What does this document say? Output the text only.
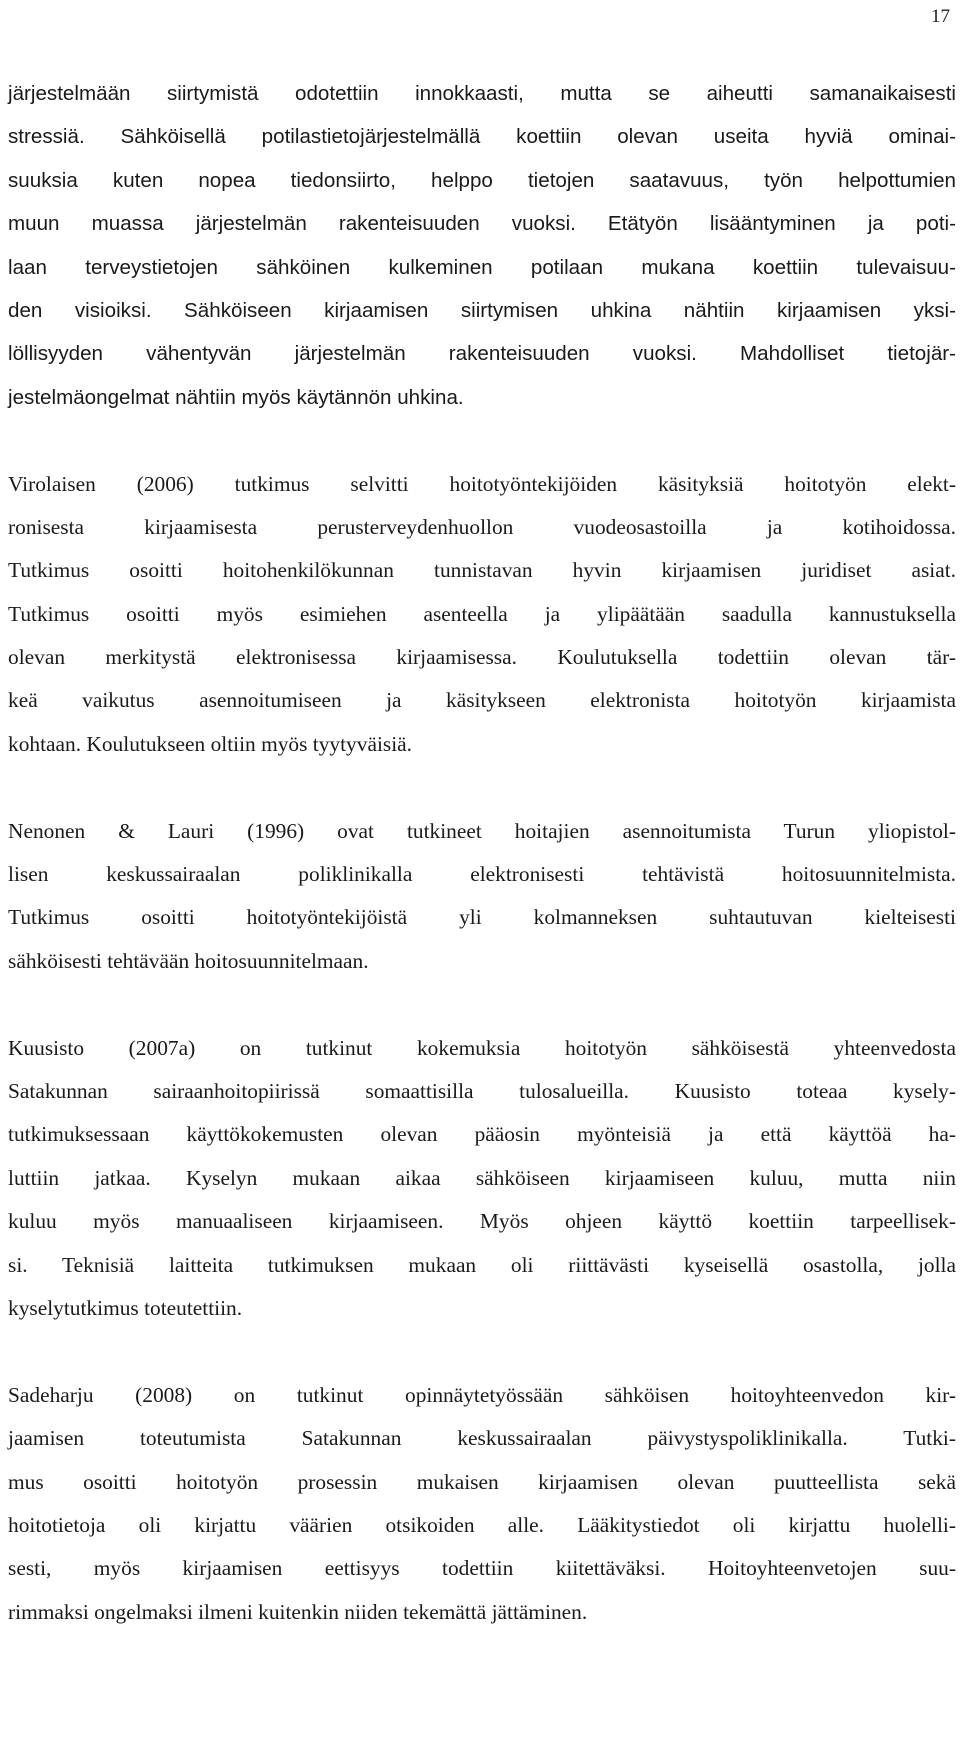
17
järjestelmään siirtymistä odotettiin innokkaasti, mutta se aiheutti samanaikaisesti
stressiä. Sähköisellä potilastietojärjestelmällä koettiin olevan useita hyviä ominai-
suuksia kuten nopea tiedonsiirto, helppo tietojen saatavuus, työn helpottumien
muun muassa järjestelmän rakenteisuuden vuoksi. Etätyön lisääntyminen ja poti-
laan terveystietojen sähköinen kulkeminen potilaan mukana koettiin tulevaisuu-
den visioiksi. Sähköiseen kirjaamisen siirtymisen uhkina nähtiin kirjaamisen yksi-
löllisyyden vähentyvän järjestelmän rakenteisuuden vuoksi. Mahdolliset tietojär-
jestelmäongelmat nähtiin myös käytännön uhkina.
Virolaisen (2006) tutkimus selvitti hoitotyöntekijöiden käsityksiä hoitotyön elekt-
ronisesta kirjaamisesta perusterveydenhuollon vuodeosastoilla ja kotihoidossa.
Tutkimus osoitti hoitohenkilökunnan tunnistavan hyvin kirjaamisen juridiset asiat.
Tutkimus osoitti myös esimiehen asenteella ja ylipäätään saadulla kannustuksella
olevan merkitystä elektronisessa kirjaamisessa. Koulutuksella todettiin olevan tär-
keä vaikutus asennoitumiseen ja käsitykseen elektronista hoitotyön kirjaamista
kohtaan. Koulutukseen oltiin myös tyytyväisiä.
Nenonen & Lauri (1996) ovat tutkineet hoitajien asennoitumista Turun yliopistol-
lisen keskussairaalan poliklinikalla elektronisesti tehtävistä hoitosuunnitelmista.
Tutkimus osoitti hoitotyöntekijöistä yli kolmanneksen suhtautuvan kielteisesti
sähköisesti tehtävään hoitosuunnitelmaan.
Kuusisto (2007a) on tutkinut kokemuksia hoitotyön sähköisestä yhteenvedosta
Satakunnan sairaanhoitopiirissä somaattisilla tulosalueilla. Kuusisto toteaa kysely-
tutkimuksessaan käyttökokemusten olevan pääosin myönteisiä ja että käyttöä ha-
luttiin jatkaa. Kyselyn mukaan aikaa sähköiseen kirjaamiseen kuluu, mutta niin
kuluu myös manuaaliseen kirjaamiseen. Myös ohjeen käyttö koettiin tarpeellisek-
si. Teknisiä laitteita tutkimuksen mukaan oli riittävästi kyseisellä osastolla, jolla
kyselytutkimus toteutettiin.
Sadeharju (2008) on tutkinut opinnäytetyössään sähköisen hoitoyhteenvedon kir-
jaamisen toteutumista Satakunnan keskussairaalan päivystyspoliklinikalla. Tutki-
mus osoitti hoitotyön prosessin mukaisen kirjaamisen olevan puutteellista sekä
hoitotietoja oli kirjattu väärien otsikoiden alle. Lääkitystiedot oli kirjattu huolelli-
sesti, myös kirjaamisen eettisyys todettiin kiitettäväksi. Hoitoyhteenvetojen suu-
rimmaksi ongelmaksi ilmeni kuitenkin niiden tekemättä jättäminen.
